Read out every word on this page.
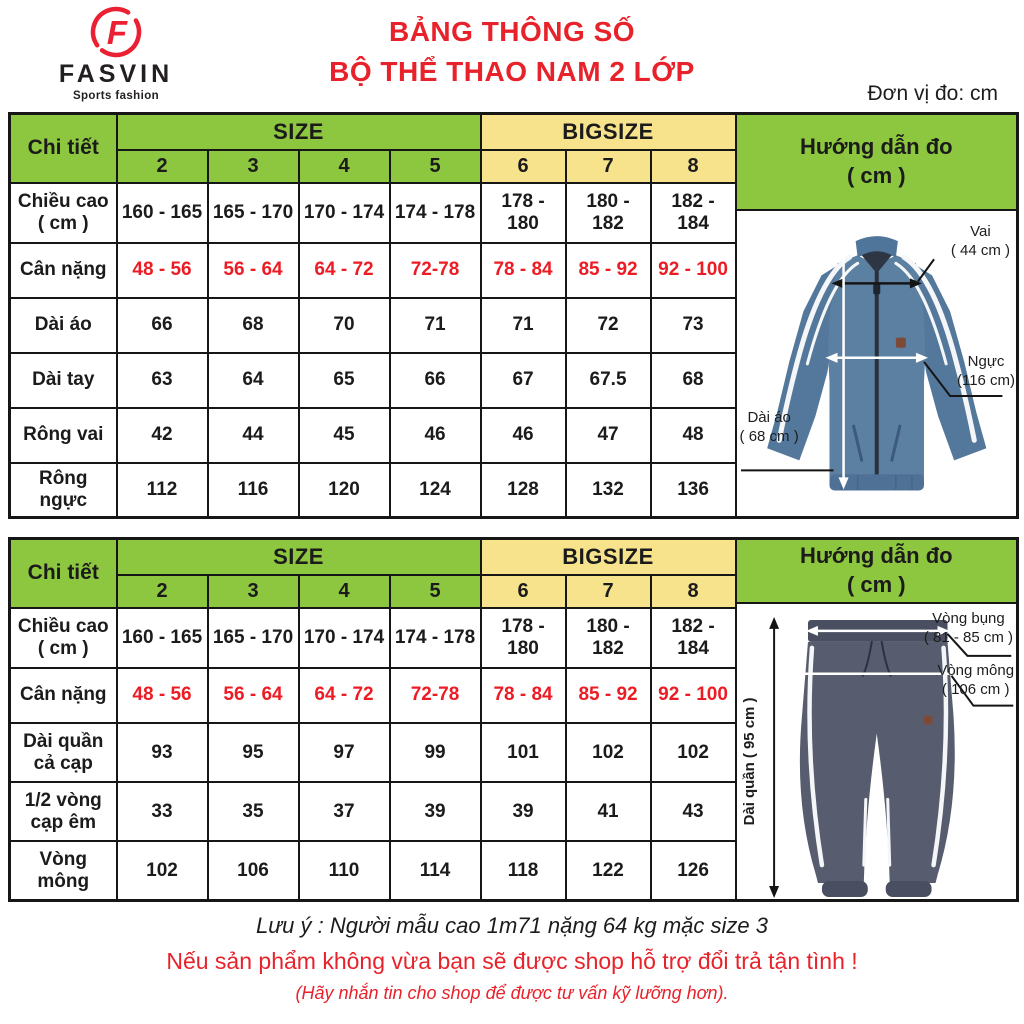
F
FASVIN
Sports fashion
BẢNG THÔNG SỐ
BỘ THỂ THAO NAM 2 LỚP
Đơn vị đo: cm
Chi tiết	SIZE	BIGSIZE	
Hướng dẫn đo
( cm )
Vai
( 44 cm )
Ngực
(116 cm)
Dài áo
( 68 cm )

	2	3	4	5	6	7	8	
Chiều cao ( cm )	160 - 165	165 - 170	170 - 174	174 - 178	178 - 180	180 - 182	182 - 184	
Cân nặng	48 - 56	56 - 64	64 - 72	72-78	78 - 84	85 - 92	92 - 100	
Dài áo	66	68	70	71	71	72	73	
Dài tay	63	64	65	66	67	67.5	68	
Rông vai	42	44	45	46	46	47	48	
Rông ngực	112	116	120	124	128	132	136	
Chi tiết	SIZE	BIGSIZE	Hướng dẫn đo
( cm )
Dài quần ( 95 cm )
Vòng bụng
( 81 - 85 cm )
Vòng mông
( 106 cm )

	2	3	4	5	6	7	8	
Chiều cao ( cm )	160 - 165	165 - 170	170 - 174	174 - 178	178 - 180	180 - 182	182 - 184	
Cân nặng	48 - 56	56 - 64	64 - 72	72-78	78 - 84	85 - 92	92 - 100	
Dài quần cả cạp	93	95	97	99	101	102	102	
1/2 vòng cạp êm	33	35	37	39	39	41	43	
Vòng mông	102	106	110	114	118	122	126	
Lưu ý : Người mẫu cao 1m71 nặng 64 kg mặc size 3
Nếu sản phẩm không vừa bạn sẽ được shop hỗ trợ đổi trả tận tình !
(Hãy nhắn tin cho shop để được tư vấn kỹ lưỡng hơn).
